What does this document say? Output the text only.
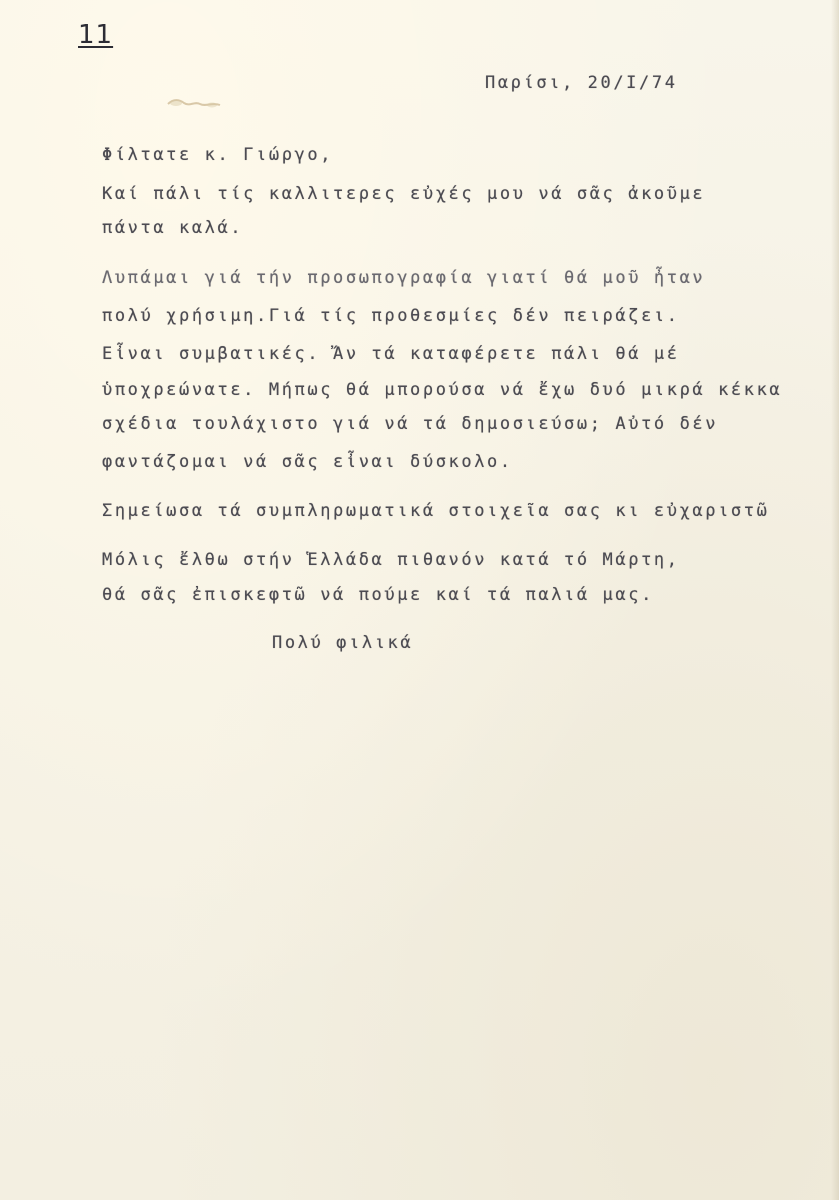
11
Παρίσι, 20/Ι/74
Φίλτατε κ. Γιώργο,
Καί πάλι τίς καλλιτερες εὐχές μου νά σᾶς ἀκοῦμε
πάντα καλά.
Λυπάμαι γιά τήν προσωπογραφία γιατί θά μοῦ ἦταν
πολύ χρήσιμη.Γιά τίς προθεσμίες δέν πειράζει.
Εἶναι συμβατικές. Ἄν τά καταφέρετε πάλι θά μέ
ὑποχρεώνατε. Μήπως θά μπορούσα νά ἔχω δυό μικρά κέκκα
σχέδια τουλάχιστο γιά νά τά δημοσιεύσω; Αὐτό δέν
φαντάζομαι νά σᾶς εἶναι δύσκολο.
Σημείωσα τά συμπληρωματικά στοιχεῖα σας κι εὐχαριστῶ
Μόλις ἔλθω στήν Ἑλλάδα πιθανόν κατά τό Μάρτη,
θά σᾶς ἐπισκεφτῶ νά πούμε καί τά παλιά μας.
Πολύ φιλικά
